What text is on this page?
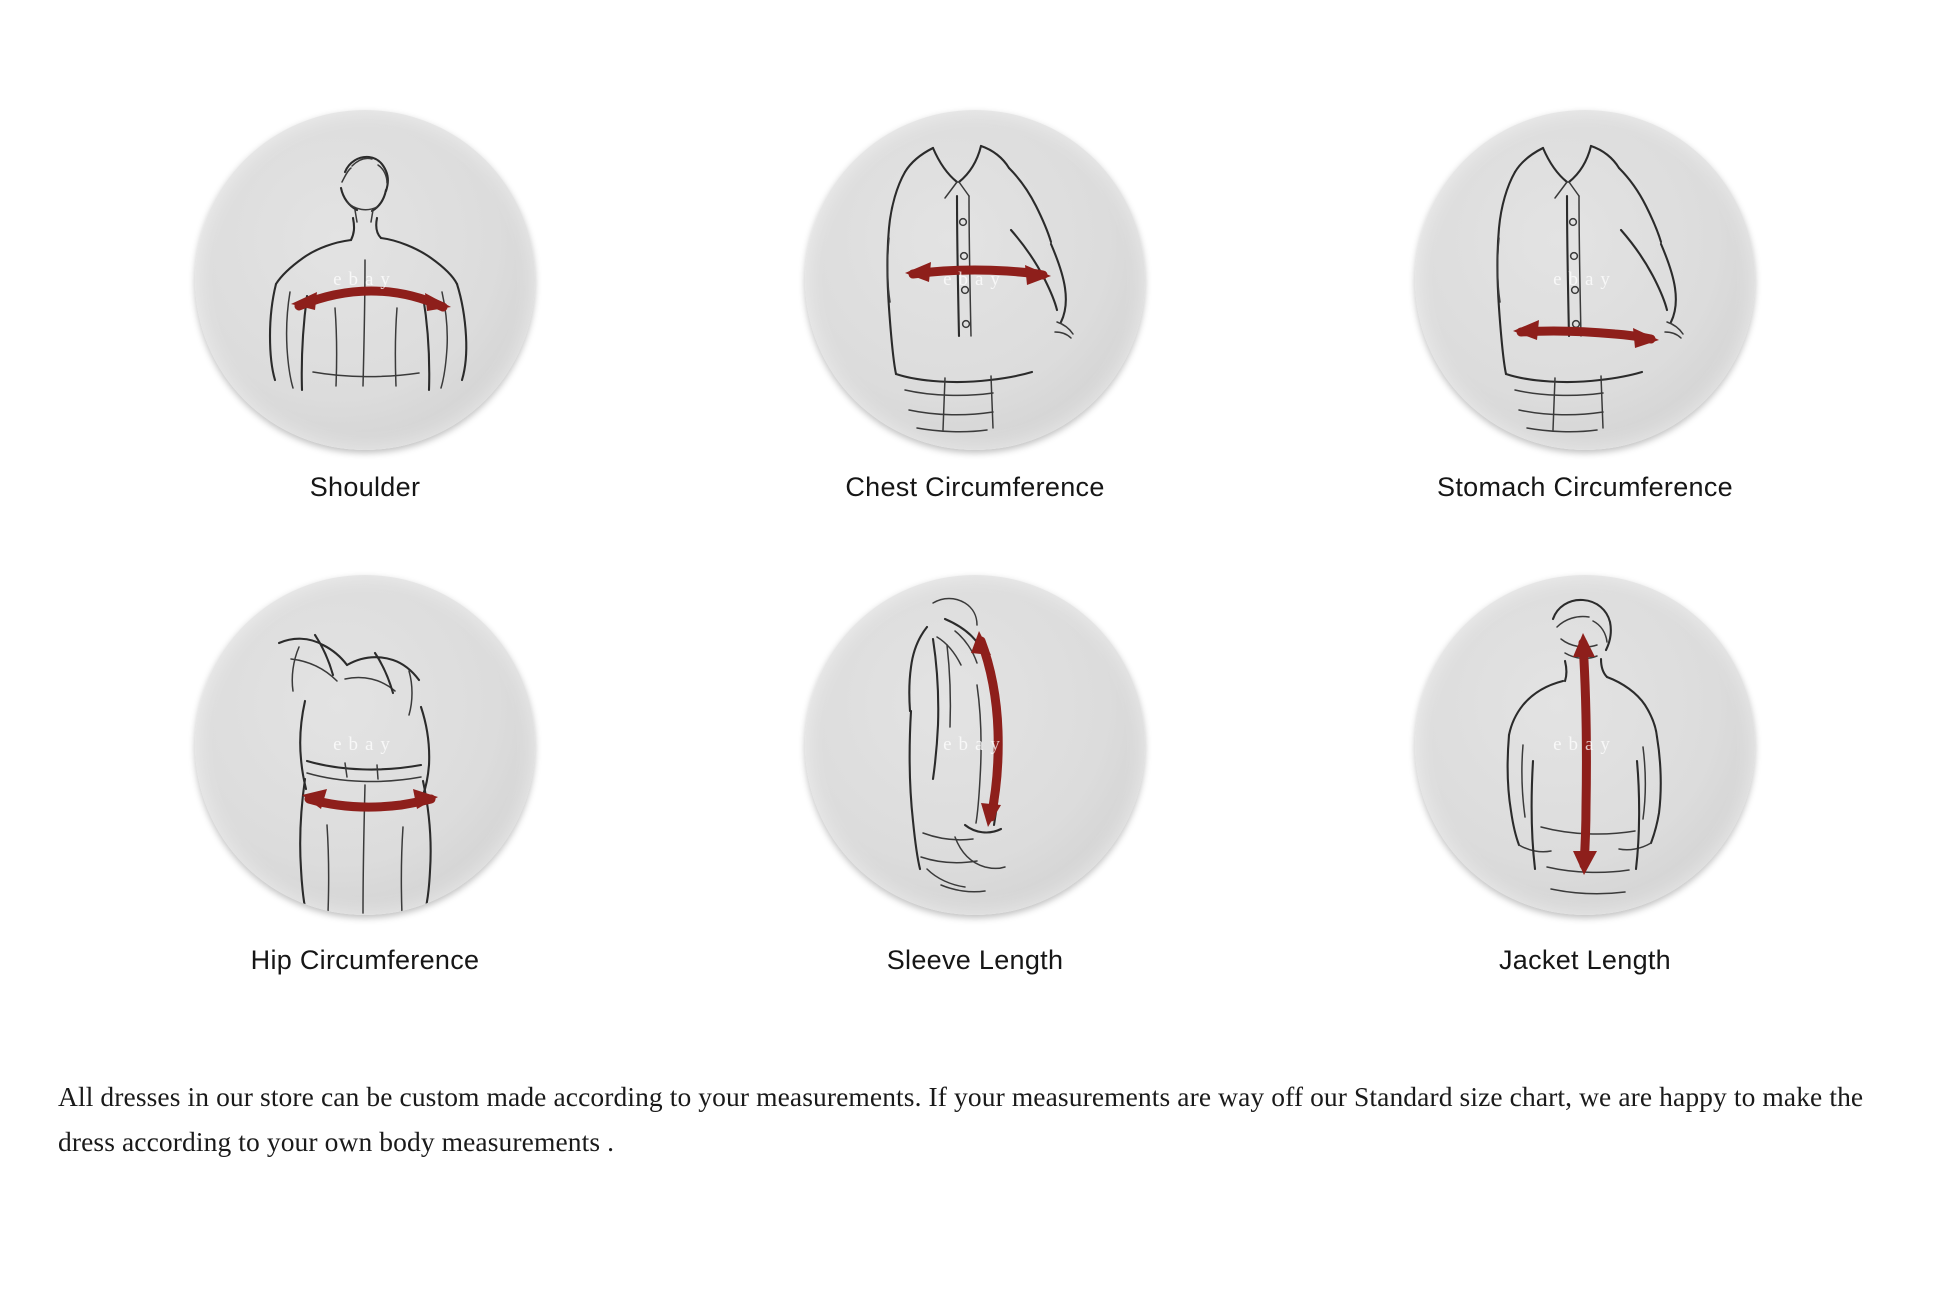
ebay
Shoulder
ebay
Chest Circumference
ebay
Stomach Circumference
ebay
Hip Circumference
ebay
Sleeve Length
ebay
Jacket Length
All dresses in our store can be custom made according to your measurements. If your measurements are way off our Standard size chart, we are happy to make the dress according to your own body measurements .
